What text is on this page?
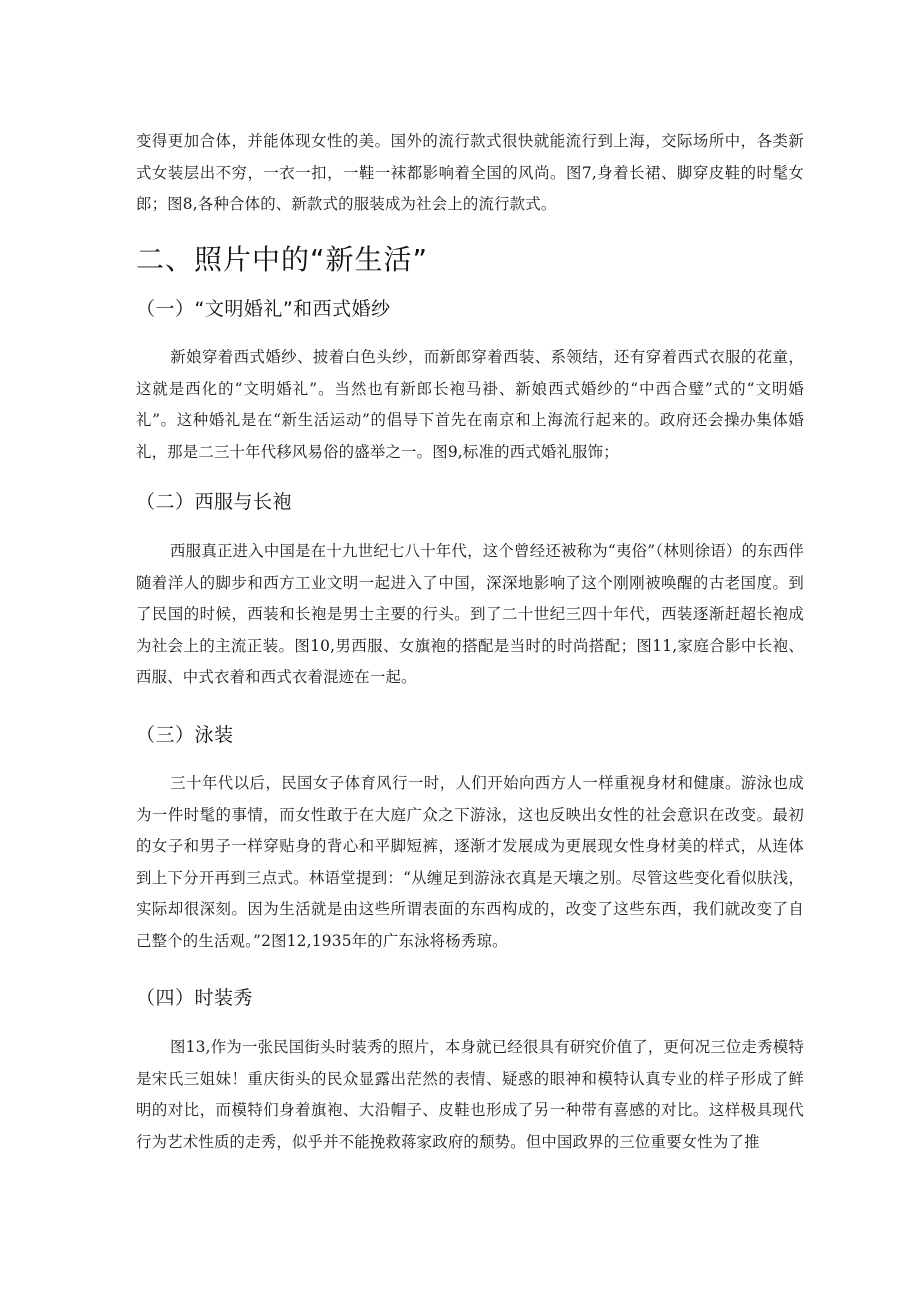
变得更加合体，并能体现女性的美。国外的流行款式很快就能流行到上海，交际场所中，各类新式女装层出不穷，一衣一扣，一鞋一袜都影响着全国的风尚。图7,身着长裙、脚穿皮鞋的时髦女郎；图8,各种合体的、新款式的服装成为社会上的流行款式。

二、照片中的“新生活”
（一）“文明婚礼”和西式婚纱

新娘穿着西式婚纱、披着白色头纱，而新郎穿着西装、系领结，还有穿着西式衣服的花童，这就是西化的“文明婚礼”。当然也有新郎长袍马褂、新娘西式婚纱的“中西合璧”式的“文明婚礼”。这种婚礼是在“新生活运动”的倡导下首先在南京和上海流行起来的。政府还会操办集体婚礼，那是二三十年代移风易俗的盛举之一。图9,标准的西式婚礼服饰；

（二）西服与长袍

西服真正进入中国是在十九世纪七八十年代，这个曾经还被称为“夷俗”（林则徐语）的东西伴随着洋人的脚步和西方工业文明一起进入了中国，深深地影响了这个刚刚被唤醒的古老国度。到了民国的时候，西装和长袍是男士主要的行头。到了二十世纪三四十年代，西装逐渐赶超长袍成为社会上的主流正装。图10,男西服、女旗袍的搭配是当时的时尚搭配；图11,家庭合影中长袍、西服、中式衣着和西式衣着混迹在一起。

（三）泳装

三十年代以后，民国女子体育风行一时，人们开始向西方人一样重视身材和健康。游泳也成为一件时髦的事情，而女性敢于在大庭广众之下游泳，这也反映出女性的社会意识在改变。最初的女子和男子一样穿贴身的背心和平脚短裤，逐渐才发展成为更展现女性身材美的样式，从连体到上下分开再到三点式。林语堂提到：“从缠足到游泳衣真是天壤之别。尽管这些变化看似肤浅，实际却很深刻。因为生活就是由这些所谓表面的东西构成的，改变了这些东西，我们就改变了自己整个的生活观。”2图12,1935年的广东泳将杨秀琼。

（四）时装秀

图13,作为一张民国街头时装秀的照片，本身就已经很具有研究价值了，更何况三位走秀模特是宋氏三姐妹！重庆街头的民众显露出茫然的表情、疑惑的眼神和模特认真专业的样子形成了鲜明的对比，而模特们身着旗袍、大沿帽子、皮鞋也形成了另一种带有喜感的对比。这样极具现代行为艺术性质的走秀，似乎并不能挽救蒋家政府的颓势。但中国政界的三位重要女性为了推
